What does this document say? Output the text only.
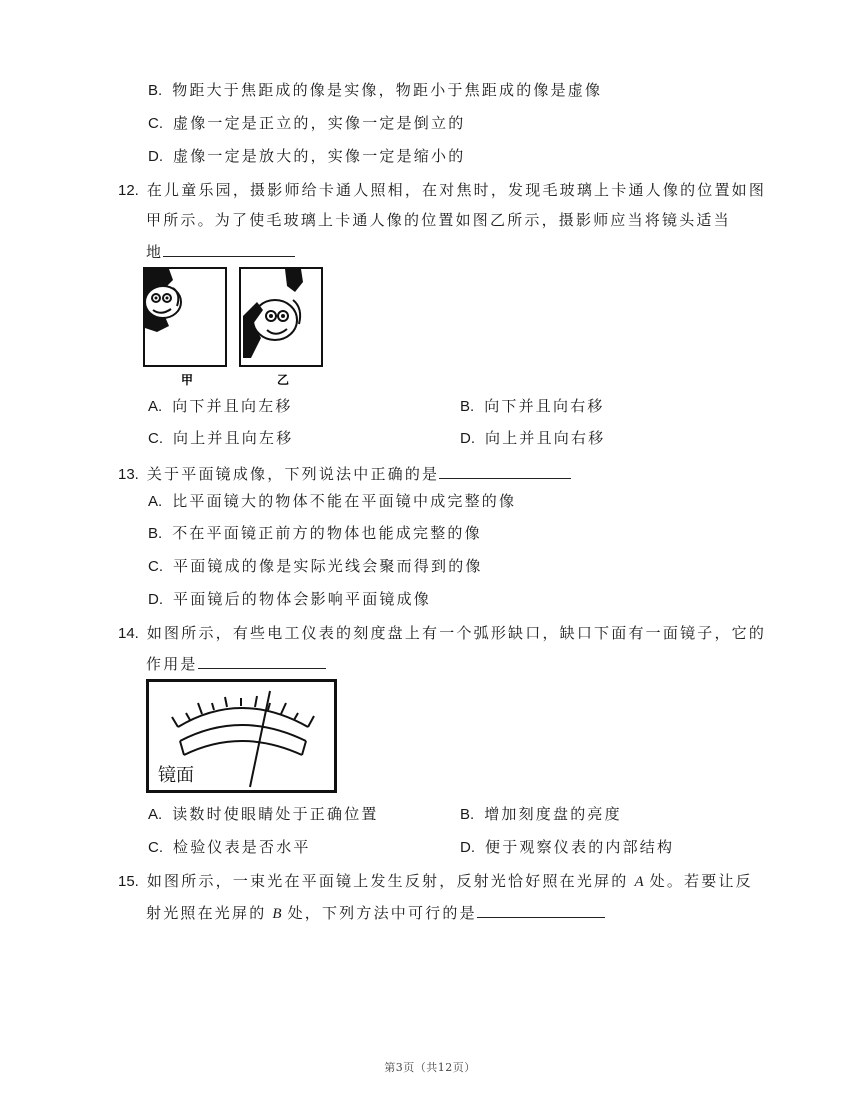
B. 物距大于焦距成的像是实像，物距小于焦距成的像是虚像
C. 虚像一定是正立的，实像一定是倒立的
D. 虚像一定是放大的，实像一定是缩小的
12. 在儿童乐园，摄影师给卡通人照相，在对焦时，发现毛玻璃上卡通人像的位置如图
甲所示。为了使毛玻璃上卡通人像的位置如图乙所示，摄影师应当将镜头适当
地
甲	乙
A. 向下并且向左移	B. 向下并且向右移
C. 向上并且向左移	D. 向上并且向右移
13. 关于平面镜成像，下列说法中正确的是
A. 比平面镜大的物体不能在平面镜中成完整的像
B. 不在平面镜正前方的物体也能成完整的像
C. 平面镜成的像是实际光线会聚而得到的像
D. 平面镜后的物体会影响平面镜成像
14. 如图所示，有些电工仪表的刻度盘上有一个弧形缺口，缺口下面有一面镜子，它的
作用是
镜面
A. 读数时使眼睛处于正确位置	B. 增加刻度盘的亮度
C. 检验仪表是否水平	D. 便于观察仪表的内部结构
15. 如图所示，一束光在平面镜上发生反射，反射光恰好照在光屏的 A 处。若要让反
射光照在光屏的 B 处，下列方法中可行的是
第3页（共12页）
